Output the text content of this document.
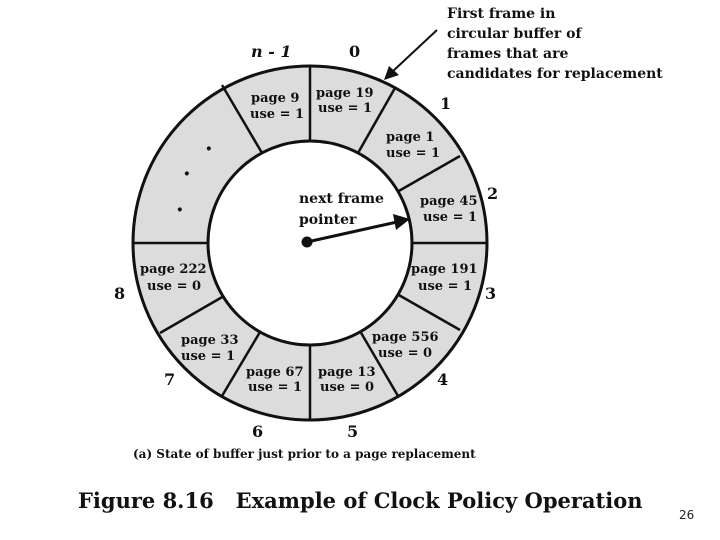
page 19
use = 1
page 1
use = 1
page 45
use = 1
page 191
use = 1
page 556
use = 0
page 13
use = 0
page 67
use = 1
page 33
use = 1
page 222
use = 0
page 9
use = 1
·
·
·
n - 1	0
1
2
3
4
5
6
7
8
next frame
pointer
First frame in
circular buffer of
frames that are
candidates for replacement
(a) State of buffer just prior to a page replacement
Figure 8.16   Example of Clock Policy Operation
26
